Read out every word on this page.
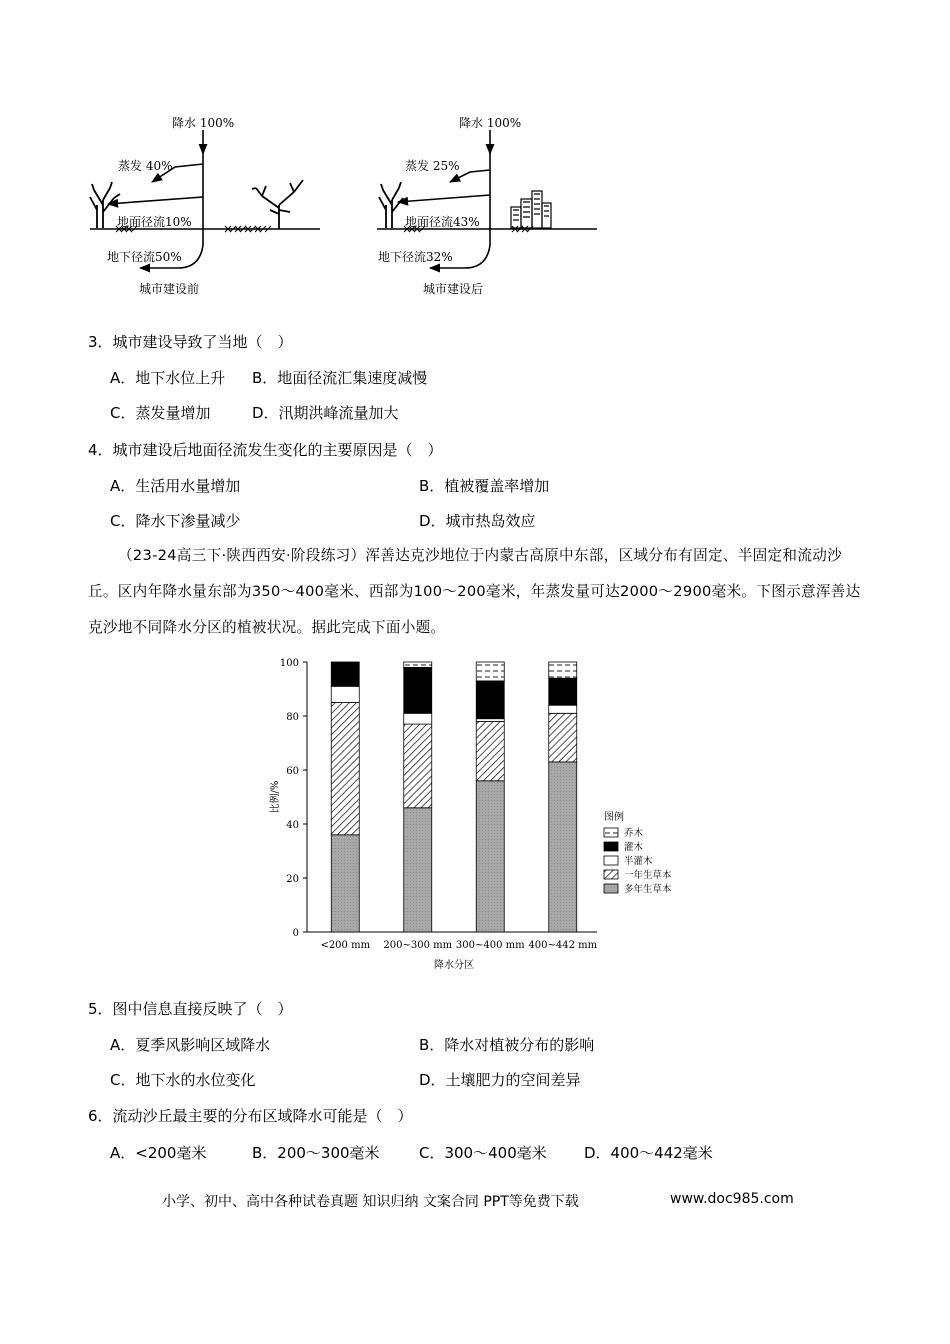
降水 100%
蒸发 40%
地面径流10%
地下径流50%
城市建设前
降水 100%
蒸发 25%
地面径流43%
地下径流32%
城市建设后
3．城市建设导致了当地（　）
A．地下水位上升 B．地面径流汇集速度减慢
C．蒸发量增加	D．汛期洪峰流量加大
4．城市建设后地面径流发生变化的主要原因是（　）
A．生活用水量增加	B．植被覆盖率增加
C．降水下渗量减少	D．城市热岛效应
（23-24高三下·陕西西安·阶段练习）浑善达克沙地位于内蒙古高原中东部，区域分布有固定、半固定和流动沙丘。区内年降水量东部为350～400毫米、西部为100～200毫米，年蒸发量可达2000～2900毫米。下图示意浑善达克沙地不同降水分区的植被状况。据此完成下面小题。
0
20
40
60
80
100
比例/%
降水分区
<200 mm 200~300 mm 300~400 mm 400~442 mm
图例
乔木
灌木
半灌木
一年生草本
多年生草本
5．图中信息直接反映了（　）
A．夏季风影响区域降水	B．降水对植被分布的影响
C．地下水的水位变化	D．土壤肥力的空间差异
6．流动沙丘最主要的分布区域降水可能是（　）
A．<200毫米	B．200～300毫米	C．300～400毫米 D．400～442毫米
小学、初中、高中各种试卷真题 知识归纳 文案合同 PPT等免费下载	www.doc985.com
